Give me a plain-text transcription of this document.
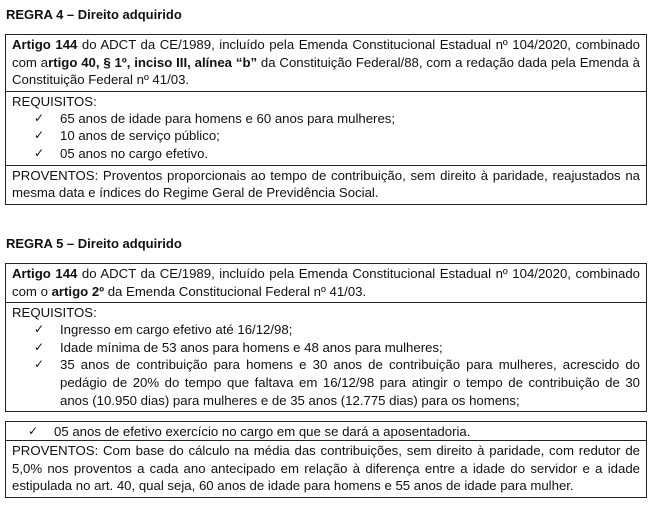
REGRA 4 – Direito adquirido
Artigo 144 do ADCT da CE/1989, incluído pela Emenda Constitucional Estadual nº 104/2020, combinado com artigo 40, § 1º, inciso III, alínea “b” da Constituição Federal/88, com a redação dada pela Emenda à Constituição Federal nº 41/03.
REQUISITOS:
✓	65 anos de idade para homens e 60 anos para mulheres;
✓	10 anos de serviço público;
✓	05 anos no cargo efetivo.
PROVENTOS: Proventos proporcionais ao tempo de contribuição, sem direito à paridade, reajustados na mesma data e índices do Regime Geral de Previdência Social.
REGRA 5 – Direito adquirido
Artigo 144 do ADCT da CE/1989, incluído pela Emenda Constitucional Estadual nº 104/2020, combinado com o artigo 2º da Emenda Constitucional Federal nº 41/03.
REQUISITOS:
✓	Ingresso em cargo efetivo até 16/12/98;
✓	Idade mínima de 53 anos para homens e 48 anos para mulheres;
✓	35 anos de contribuição para homens e 30 anos de contribuição para mulheres, acrescido do pedágio de 20% do tempo que faltava em 16/12/98 para atingir o tempo de contribuição de 30 anos (10.950 dias) para mulheres e de 35 anos (12.775 dias) para os homens;
✓	05 anos de efetivo exercício no cargo em que se dará a aposentadoria.
PROVENTOS: Com base do cálculo na média das contribuições, sem direito à paridade, com redutor de 5,0% nos proventos a cada ano antecipado em relação à diferença entre a idade do servidor e a idade estipulada no art. 40, qual seja, 60 anos de idade para homens e 55 anos de idade para mulher.
